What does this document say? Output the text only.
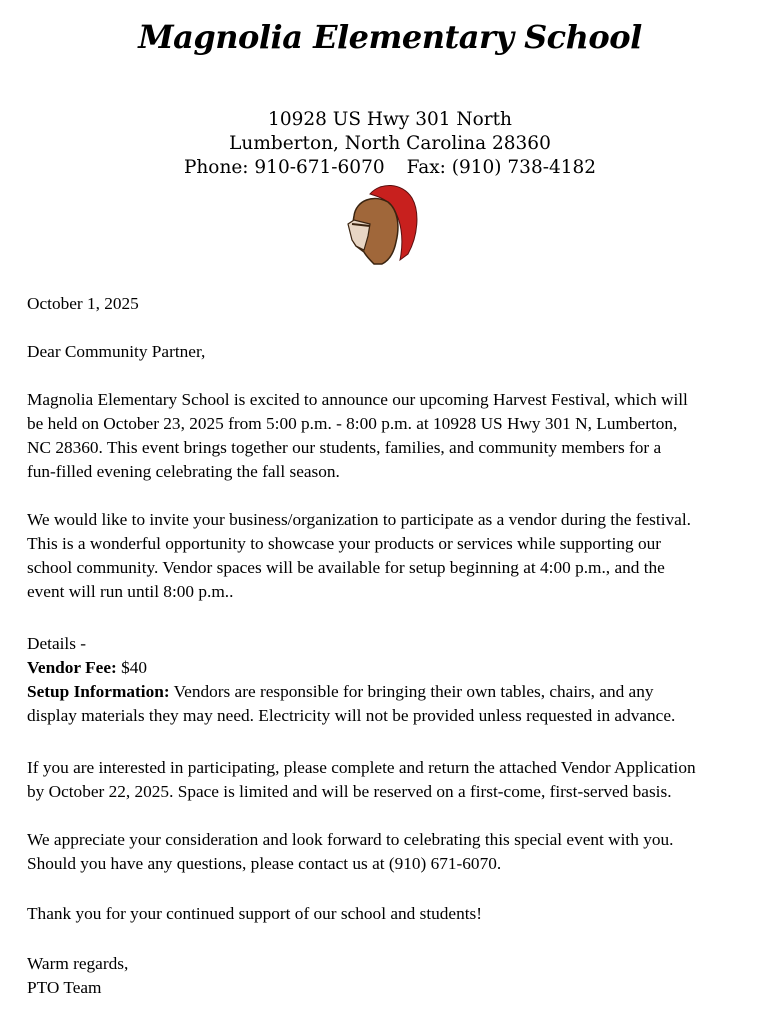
Magnolia Elementary School
10928 US Hwy 301 North
Lumberton, North Carolina 28360
Phone: 910-671-6070 Fax: (910) 738-4182
October 1, 2025
Dear Community Partner,
Magnolia Elementary School is excited to announce our upcoming Harvest Festival, which will
be held on October 23, 2025 from 5:00 p.m. - 8:00 p.m. at 10928 US Hwy 301 N, Lumberton,
NC 28360. This event brings together our students, families, and community members for a
fun-filled evening celebrating the fall season.
We would like to invite your business/organization to participate as a vendor during the festival.
This is a wonderful opportunity to showcase your products or services while supporting our
school community. Vendor spaces will be available for setup beginning at 4:00 p.m., and the
event will run until 8:00 p.m..
Details -
Vendor Fee: $40
Setup Information: Vendors are responsible for bringing their own tables, chairs, and any
display materials they may need. Electricity will not be provided unless requested in advance.
If you are interested in participating, please complete and return the attached Vendor Application
by October 22, 2025. Space is limited and will be reserved on a first-come, first-served basis.
We appreciate your consideration and look forward to celebrating this special event with you.
Should you have any questions, please contact us at (910) 671-6070.
Thank you for your continued support of our school and students!
Warm regards,
PTO Team
